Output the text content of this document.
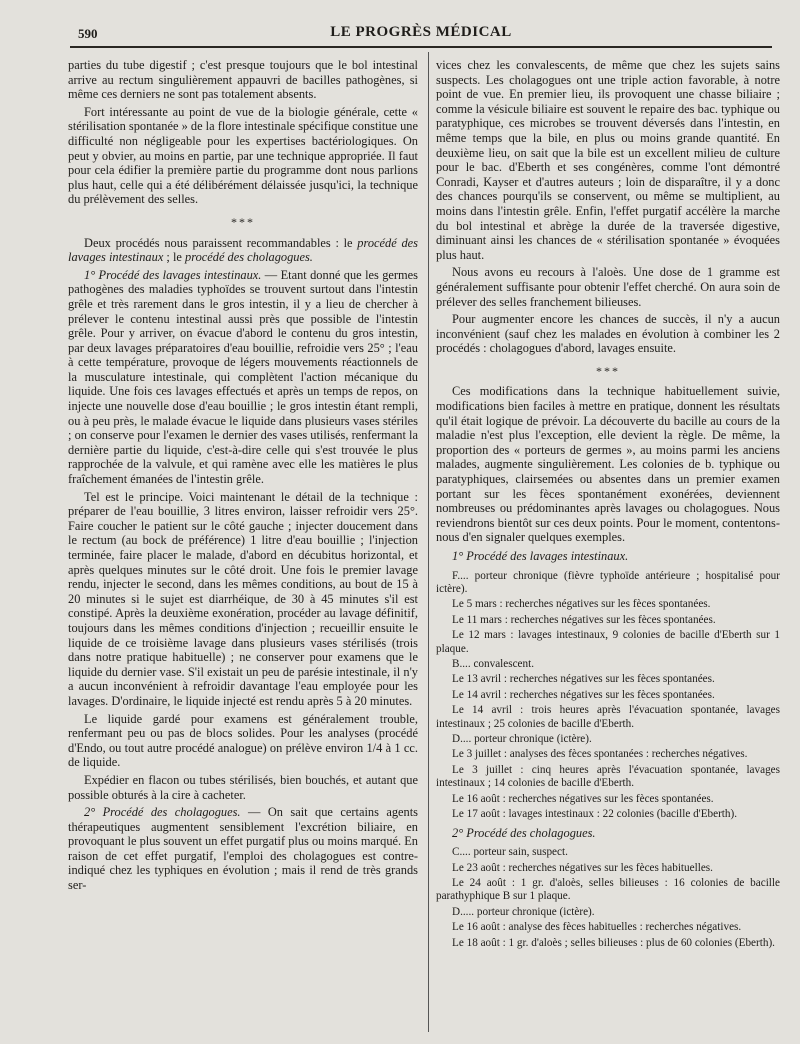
590	LE PROGRÈS MÉDICAL

parties du tube digestif ; c'est presque toujours que le bol intestinal arrive au rectum singulièrement appauvri de bacilles pathogènes, si même ces derniers ne sont pas totalement absents.

Fort intéressante au point de vue de la biologie générale, cette « stérilisation spontanée » de la flore intestinale spécifique constitue une difficulté non négligeable pour les expertises bactériologiques. On peut y obvier, au moins en partie, par une technique appropriée. Il faut pour cela édifier la première partie du programme dont nous parlions plus haut, celle qui a été délibérément délaissée jusqu'ici, la technique du prélèvement des selles.

***

Deux procédés nous paraissent recommandables : le procédé des lavages intestinaux ; le procédé des cholagogues.

1° Procédé des lavages intestinaux. — Etant donné que les germes pathogènes des maladies typhoïdes se trouvent surtout dans l'intestin grêle et très rarement dans le gros intestin, il y a lieu de chercher à prélever le contenu intestinal aussi près que possible de l'intestin grêle. Pour y arriver, on évacue d'abord le contenu du gros intestin, par deux lavages préparatoires d'eau bouillie, refroidie vers 25° ; l'eau à cette température, provoque de légers mouvements réactionnels de la musculature intestinale, qui complètent l'action mécanique du liquide. Une fois ces lavages effectués et après un temps de repos, on injecte une nouvelle dose d'eau bouillie ; le gros intestin étant rempli, ou à peu près, le malade évacue le liquide dans plusieurs vases stériles ; on conserve pour l'examen le dernier des vases utilisés, renfermant la dernière partie du liquide, c'est-à-dire celle qui s'est trouvée le plus rapprochée de la valvule, et qui ramène avec elle les matières le plus fraîchement émanées de l'intestin grêle.

Tel est le principe. Voici maintenant le détail de la technique : préparer de l'eau bouillie, 3 litres environ, laisser refroidir vers 25°. Faire coucher le patient sur le côté gauche ; injecter doucement dans le rectum (au bock de préférence) 1 litre d'eau bouillie ; l'injection terminée, faire placer le malade, d'abord en décubitus horizontal, et après quelques minutes sur le côté droit. Une fois le premier lavage rendu, injecter le second, dans les mêmes conditions, au bout de 15 à 20 minutes si le sujet est diarrhéique, de 30 à 45 minutes s'il est constipé. Après la deuxième exonération, procéder au lavage définitif, toujours dans les mêmes conditions d'injection ; recueillir ensuite le liquide de ce troisième lavage dans plusieurs vases stérilisés (trois dans notre pratique habituelle) ; ne conserver pour examens que le liquide du dernier vase. S'il existait un peu de parésie intestinale, il n'y a aucun inconvénient à refroidir davantage l'eau employée pour les lavages. D'ordinaire, le liquide injecté est rendu après 5 à 20 minutes.

Le liquide gardé pour examens est généralement trouble, renfermant peu ou pas de blocs solides. Pour les analyses (procédé d'Endo, ou tout autre procédé analogue) on prélève environ 1/4 à 1 cc. de liquide.

Expédier en flacon ou tubes stérilisés, bien bouchés, et autant que possible obturés à la cire à cacheter.

2° Procédé des cholagogues. — On sait que certains agents thérapeutiques augmentent sensiblement l'excrétion biliaire, en provoquant le plus souvent un effet purgatif plus ou moins marqué. En raison de cet effet purgatif, l'emploi des cholagogues est contre-indiqué chez les typhiques en évolution ; mais il rend de très grands ser-

vices chez les convalescents, de même que chez les sujets sains suspects. Les cholagogues ont une triple action favorable, à notre point de vue. En premier lieu, ils provoquent une chasse biliaire ; comme la vésicule biliaire est souvent le repaire des bac. typhique ou paratyphique, ces microbes se trouvent déversés dans l'intestin, en même temps que la bile, en plus ou moins grande quantité. En deuxième lieu, on sait que la bile est un excellent milieu de culture pour le bac. d'Eberth et ses congénères, comme l'ont démontré Conradi, Kayser et d'autres auteurs ; loin de disparaître, il y a donc des chances pourqu'ils se conservent, ou même se multiplient, au moins dans l'intestin grêle. Enfin, l'effet purgatif accélère la marche du bol intestinal et abrège la durée de la traversée digestive, diminuant ainsi les chances de « stérilisation spontanée » évoquées plus haut.

Nous avons eu recours à l'aloès. Une dose de 1 gramme est généralement suffisante pour obtenir l'effet cherché. On aura soin de prélever des selles franchement bilieuses.

Pour augmenter encore les chances de succès, il n'y a aucun inconvénient (sauf chez les malades en évolution à combiner les 2 procédés : cholagogues d'abord, lavages ensuite.

***

Ces modifications dans la technique habituellement suivie, modifications bien faciles à mettre en pratique, donnent les résultats qu'il était logique de prévoir. La découverte du bacille au cours de la maladie n'est plus l'exception, elle devient la règle. De même, la proportion des « porteurs de germes », au moins parmi les anciens malades, augmente singulièrement. Les colonies de b. typhique ou paratyphiques, clairsemées ou absentes dans un premier examen portant sur les fèces spontanément exonérées, deviennent nombreuses ou prédominantes après lavages ou cholagogues. Nous reviendrons bientôt sur ces deux points. Pour le moment, contentons-nous d'en signaler quelques exemples.

1° Procédé des lavages intestinaux.
F.... porteur chronique (fièvre typhoïde antérieure ; hospitalisé pour ictère).
Le 5 mars : recherches négatives sur les fèces spontanées.
Le 11 mars : recherches négatives sur les fèces spontanées.
Le 12 mars : lavages intestinaux, 9 colonies de bacille d'Eberth sur 1 plaque.
B.... convalescent.
Le 13 avril : recherches négatives sur les fèces spontanées.
Le 14 avril : recherches négatives sur les fèces spontanées.
Le 14 avril : trois heures après l'évacuation spontanée, lavages intestinaux ; 25 colonies de bacille d'Eberth.
D.... porteur chronique (ictère).
Le 3 juillet : analyses des fèces spontanées : recherches négatives.
Le 3 juillet : cinq heures après l'évacuation spontanée, lavages intestinaux ; 14 colonies de bacille d'Eberth.
Le 16 août : recherches négatives sur les fèces spontanées.
Le 17 août : lavages intestinaux : 22 colonies (bacille d'Eberth).
2° Procédé des cholagogues.
C.... porteur sain, suspect.
Le 23 août : recherches négatives sur les fèces habituelles.
Le 24 août : 1 gr. d'aloès, selles bilieuses : 16 colonies de bacille parathyphique B sur 1 plaque.
D..... porteur chronique (ictère).
Le 16 août : analyse des fèces habituelles : recherches négatives.
Le 18 août : 1 gr. d'aloès ; selles bilieuses : plus de 60 colonies (Eberth).
